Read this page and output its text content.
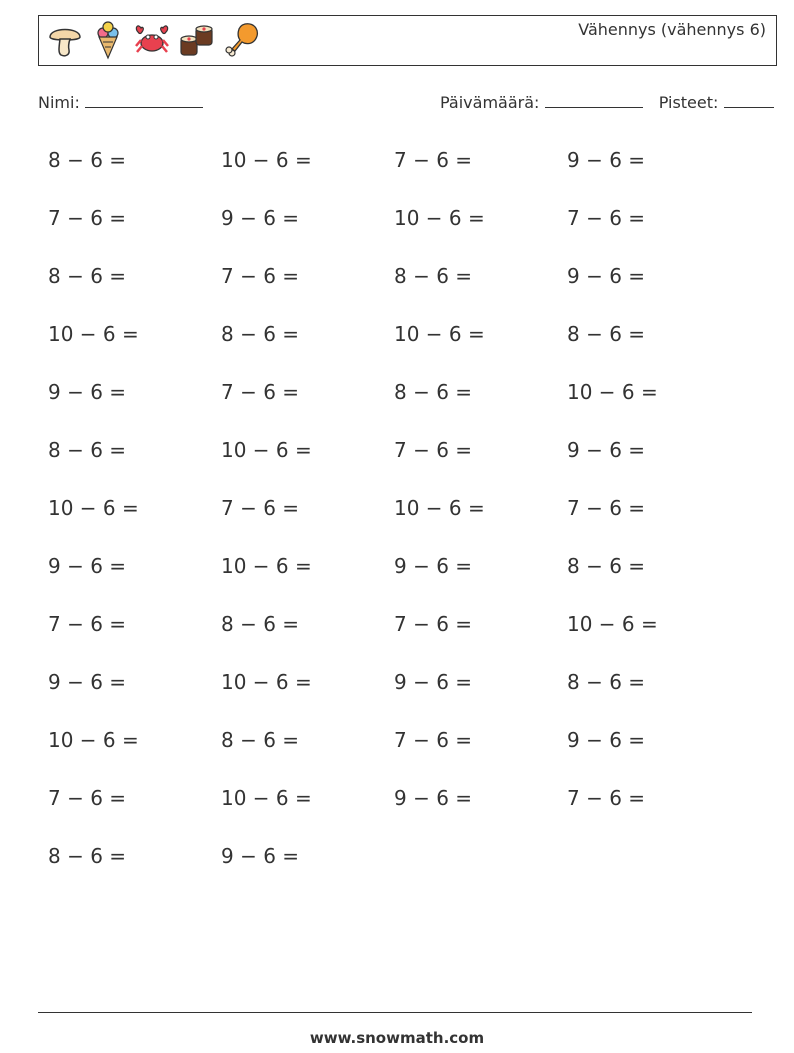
Vähennys (vähennys 6)
Nimi:	Päivämäärä:	Pisteet:
8 − 6 =	10 − 6 =	7 − 6 =	9 − 6 =
7 − 6 =	9 − 6 =	10 − 6 =	7 − 6 =
8 − 6 =	7 − 6 =	8 − 6 =	9 − 6 =
10 − 6 =	8 − 6 =	10 − 6 =	8 − 6 =
9 − 6 =	7 − 6 =	8 − 6 =	10 − 6 =
8 − 6 =	10 − 6 =	7 − 6 =	9 − 6 =
10 − 6 =	7 − 6 =	10 − 6 =	7 − 6 =
9 − 6 =	10 − 6 =	9 − 6 =	8 − 6 =
7 − 6 =	8 − 6 =	7 − 6 =	10 − 6 =
9 − 6 =	10 − 6 =	9 − 6 =	8 − 6 =
10 − 6 =	8 − 6 =	7 − 6 =	9 − 6 =
7 − 6 =	10 − 6 =	9 − 6 =	7 − 6 =
8 − 6 =	9 − 6 =
www.snowmath.com
